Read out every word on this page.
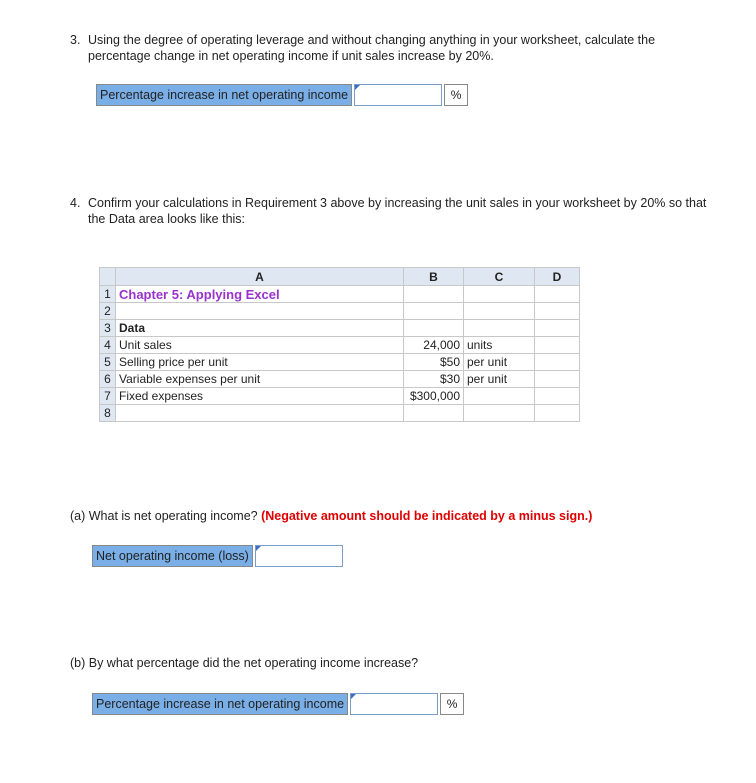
3. Using the degree of operating leverage and without changing anything in your worksheet, calculate the percentage change in net operating income if unit sales increase by 20%.
Percentage increase in net operating income	%
4. Confirm your calculations in Requirement 3 above by increasing the unit sales in your worksheet by 20% so that the Data area looks like this:
	A	B	C	D
1	Chapter 5: Applying Excel			
2				
3	Data			
4	Unit sales	24,000	units	
5	Selling price per unit	$50	per unit	
6	Variable expenses per unit	$30	per unit	
7	Fixed expenses	$300,000		
8				
(a) What is net operating income? (Negative amount should be indicated by a minus sign.)
Net operating income (loss)
(b) By what percentage did the net operating income increase?
Percentage increase in net operating income	%
